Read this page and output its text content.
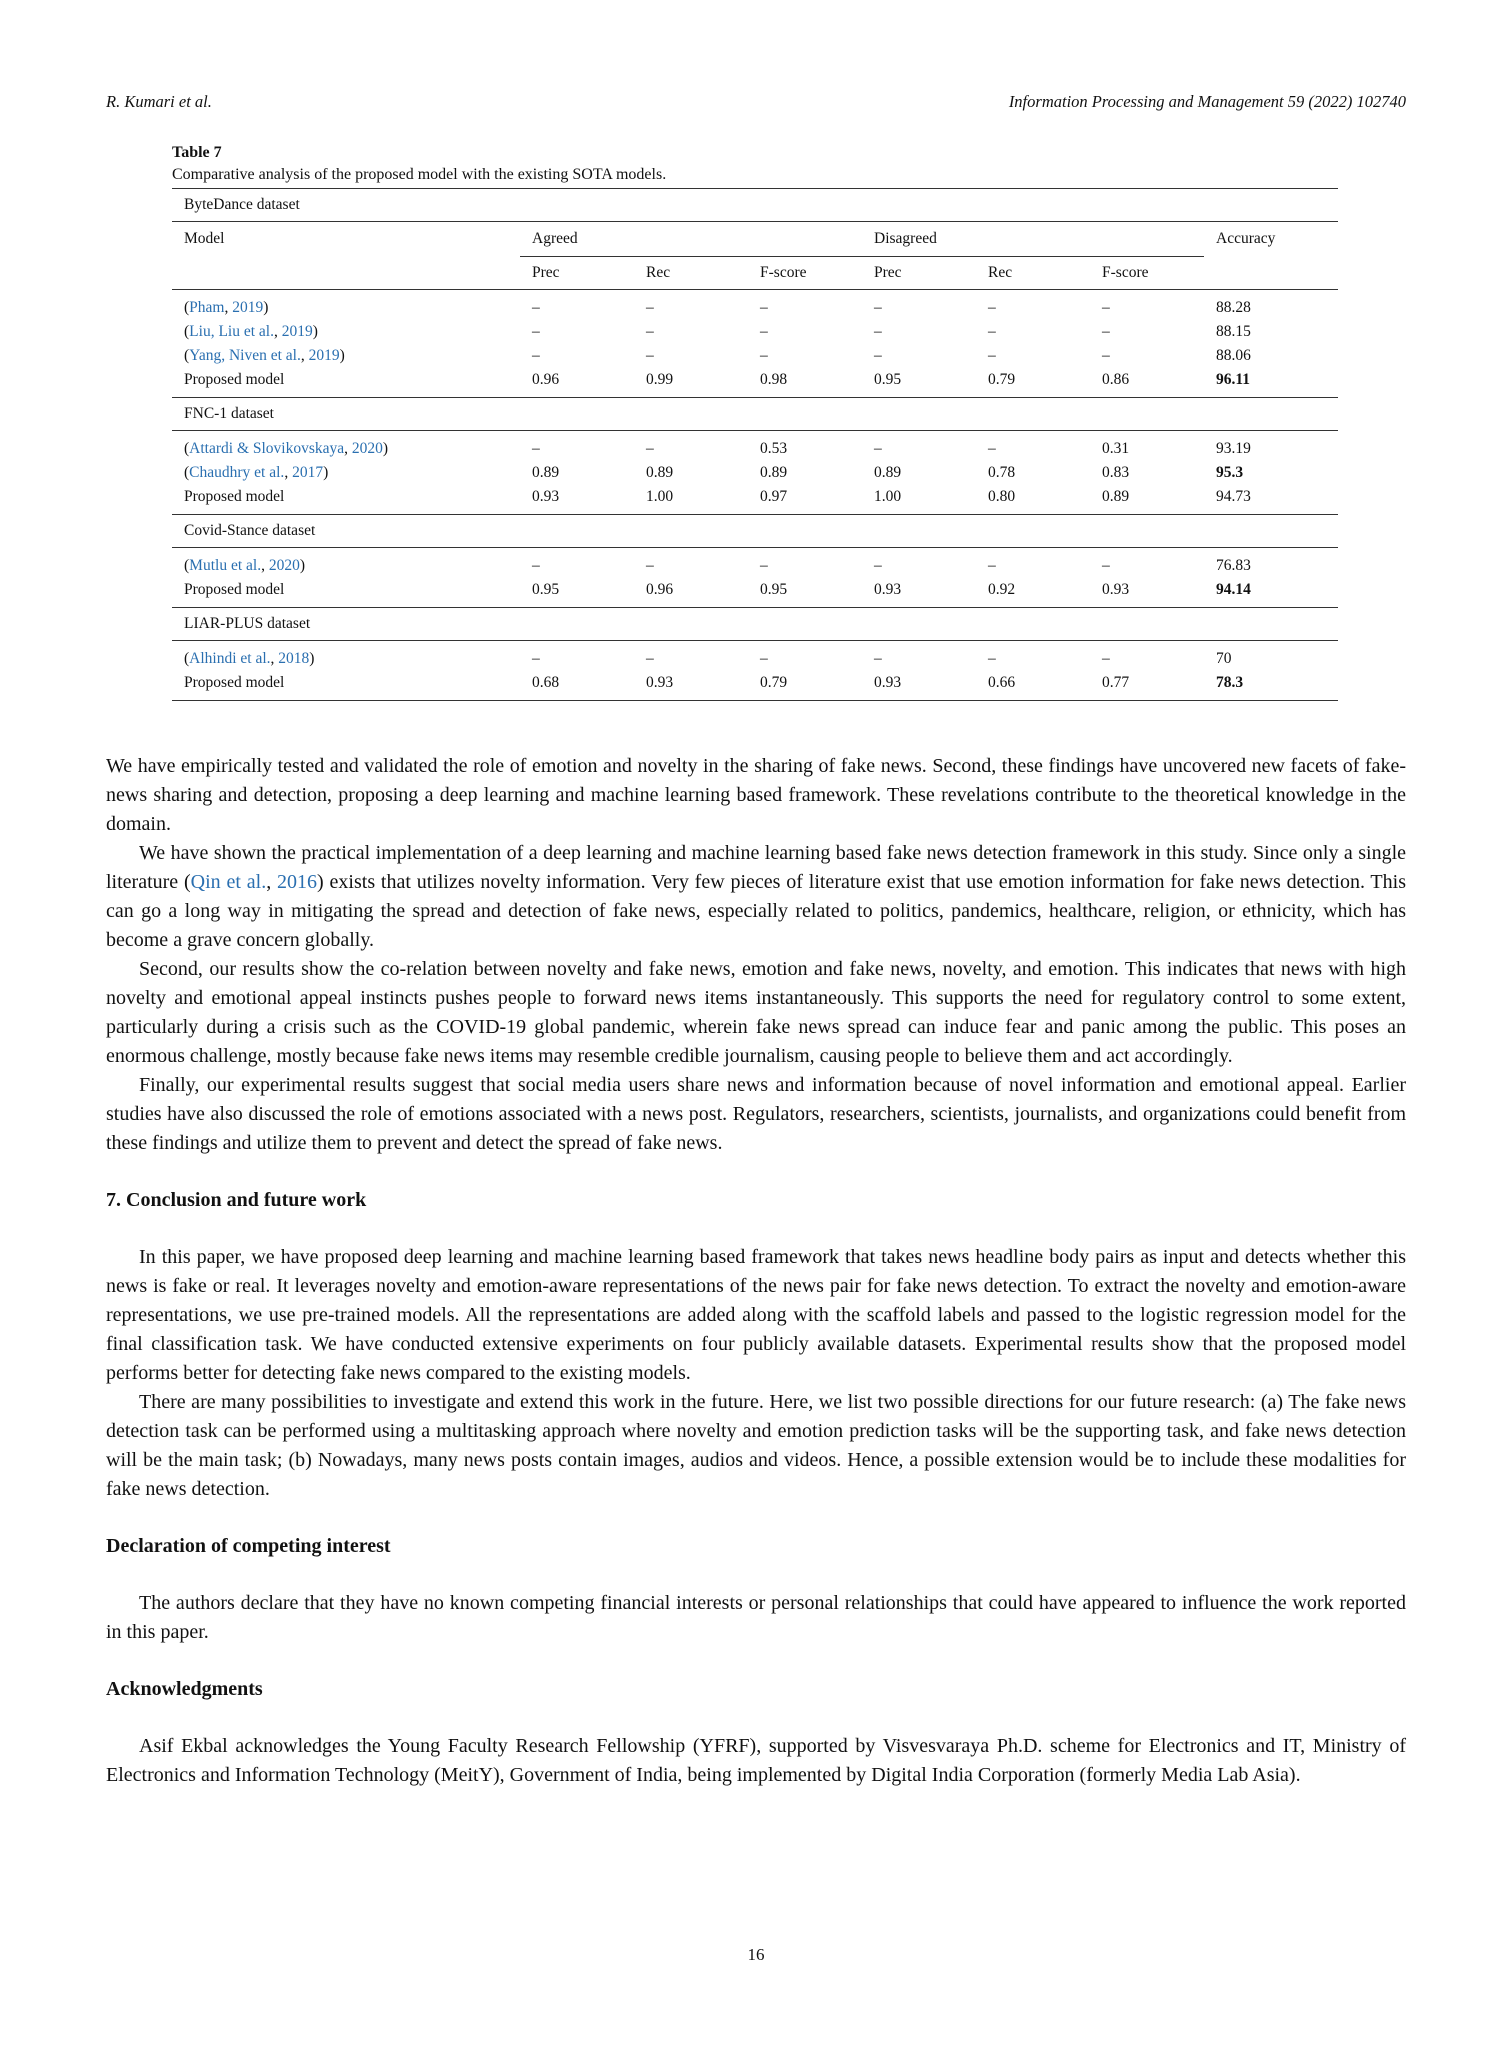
R. Kumari et al.	Information Processing and Management 59 (2022) 102740
Table 7
Comparative analysis of the proposed model with the existing SOTA models.
ByteDance dataset							
Model	Agreed			Disagreed			Accuracy
	Prec	Rec	F-score	Prec	Rec	F-score	
(Pham, 2019)	–	–	–	–	–	–	88.28
(Liu, Liu et al., 2019)	–	–	–	–	–	–	88.15
(Yang, Niven et al., 2019)	–	–	–	–	–	–	88.06
Proposed model	0.96	0.99	0.98	0.95	0.79	0.86	96.11
FNC-1 dataset							
(Attardi & Slovikovskaya, 2020)	–	–	0.53	–	–	0.31	93.19
(Chaudhry et al., 2017)	0.89	0.89	0.89	0.89	0.78	0.83	95.3
Proposed model	0.93	1.00	0.97	1.00	0.80	0.89	94.73
Covid-Stance dataset							
(Mutlu et al., 2020)	–	–	–	–	–	–	76.83
Proposed model	0.95	0.96	0.95	0.93	0.92	0.93	94.14
LIAR-PLUS dataset							
(Alhindi et al., 2018)	–	–	–	–	–	–	70
Proposed model	0.68	0.93	0.79	0.93	0.66	0.77	78.3

We have empirically tested and validated the role of emotion and novelty in the sharing of fake news. Second, these findings have uncovered new facets of fake-news sharing and detection, proposing a deep learning and machine learning based framework. These revelations contribute to the theoretical knowledge in the domain.

We have shown the practical implementation of a deep learning and machine learning based fake news detection framework in this study. Since only a single literature (Qin et al., 2016) exists that utilizes novelty information. Very few pieces of literature exist that use emotion information for fake news detection. This can go a long way in mitigating the spread and detection of fake news, especially related to politics, pandemics, healthcare, religion, or ethnicity, which has become a grave concern globally.

Second, our results show the co-relation between novelty and fake news, emotion and fake news, novelty, and emotion. This indicates that news with high novelty and emotional appeal instincts pushes people to forward news items instantaneously. This supports the need for regulatory control to some extent, particularly during a crisis such as the COVID-19 global pandemic, wherein fake news spread can induce fear and panic among the public. This poses an enormous challenge, mostly because fake news items may resemble credible journalism, causing people to believe them and act accordingly.

Finally, our experimental results suggest that social media users share news and information because of novel information and emotional appeal. Earlier studies have also discussed the role of emotions associated with a news post. Regulators, researchers, scientists, journalists, and organizations could benefit from these findings and utilize them to prevent and detect the spread of fake news.

7. Conclusion and future work

In this paper, we have proposed deep learning and machine learning based framework that takes news headline body pairs as input and detects whether this news is fake or real. It leverages novelty and emotion-aware representations of the news pair for fake news detection. To extract the novelty and emotion-aware representations, we use pre-trained models. All the representations are added along with the scaffold labels and passed to the logistic regression model for the final classification task. We have conducted extensive experiments on four publicly available datasets. Experimental results show that the proposed model performs better for detecting fake news compared to the existing models.

There are many possibilities to investigate and extend this work in the future. Here, we list two possible directions for our future research: (a) The fake news detection task can be performed using a multitasking approach where novelty and emotion prediction tasks will be the supporting task, and fake news detection will be the main task; (b) Nowadays, many news posts contain images, audios and videos. Hence, a possible extension would be to include these modalities for fake news detection.

Declaration of competing interest

The authors declare that they have no known competing financial interests or personal relationships that could have appeared to influence the work reported in this paper.

Acknowledgments

Asif Ekbal acknowledges the Young Faculty Research Fellowship (YFRF), supported by Visvesvaraya Ph.D. scheme for Electronics and IT, Ministry of Electronics and Information Technology (MeitY), Government of India, being implemented by Digital India Corporation (formerly Media Lab Asia).

16
